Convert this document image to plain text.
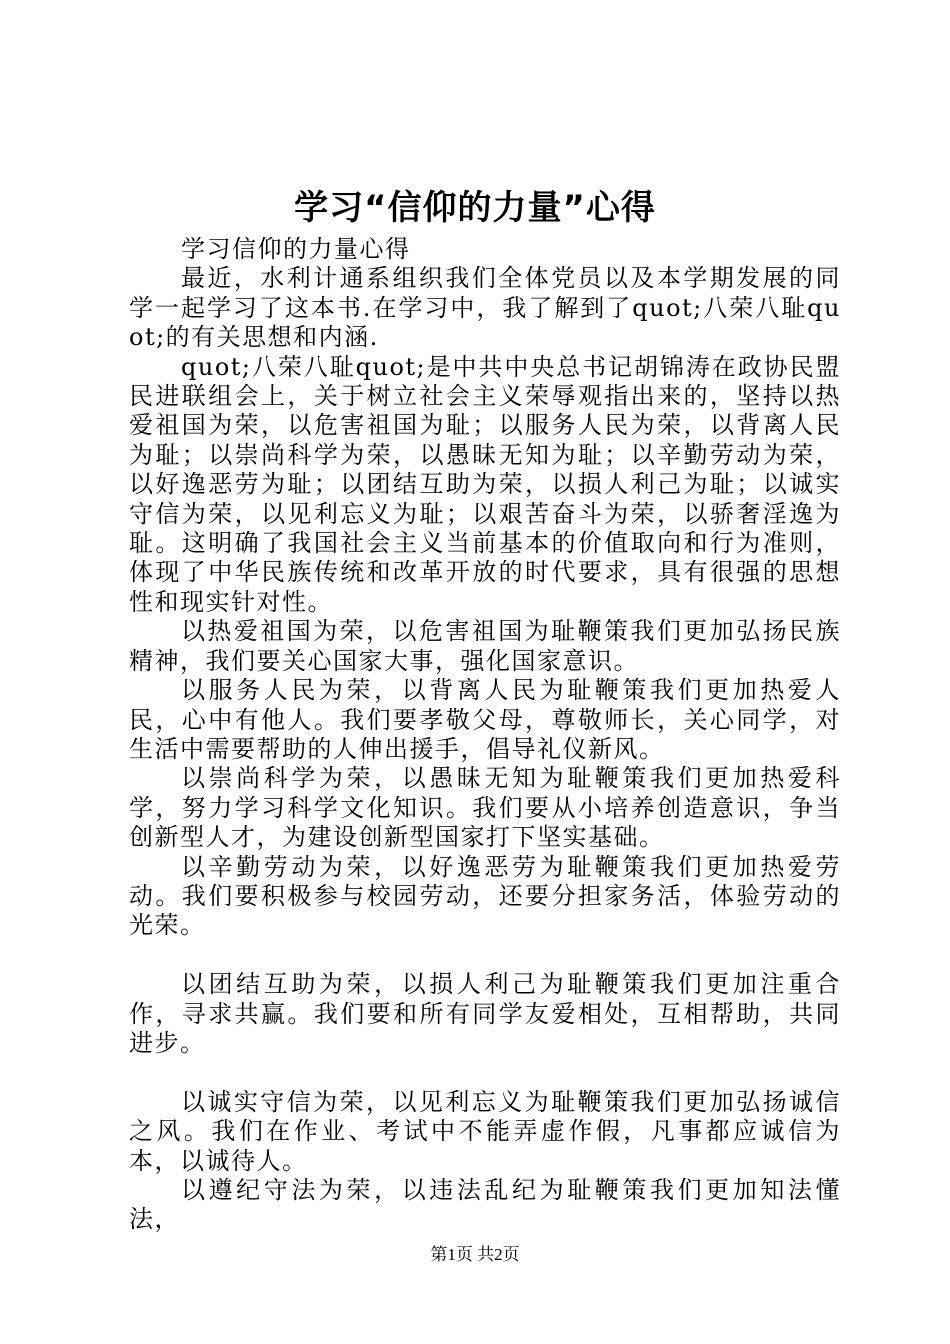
学习“信仰的力量”心得

学习信仰的力量心得

最近，水利计通系组织我们全体党员以及本学期发展的同学一起学习了这本书.在学习中，我了解到了quot;八荣八耻quot;的有关思想和内涵.

quot;八荣八耻quot;是中共中央总书记胡锦涛在政协民盟民进联组会上，关于树立社会主义荣辱观指出来的，坚持以热爱祖国为荣，以危害祖国为耻；以服务人民为荣，以背离人民为耻；以崇尚科学为荣，以愚昧无知为耻；以辛勤劳动为荣，以好逸恶劳为耻；以团结互助为荣，以损人利己为耻；以诚实守信为荣，以见利忘义为耻；以艰苦奋斗为荣，以骄奢淫逸为耻。这明确了我国社会主义当前基本的价值取向和行为准则，体现了中华民族传统和改革开放的时代要求，具有很强的思想性和现实针对性。

以热爱祖国为荣，以危害祖国为耻鞭策我们更加弘扬民族精神，我们要关心国家大事，强化国家意识。

以服务人民为荣，以背离人民为耻鞭策我们更加热爱人民，心中有他人。我们要孝敬父母，尊敬师长，关心同学，对生活中需要帮助的人伸出援手，倡导礼仪新风。

以崇尚科学为荣，以愚昧无知为耻鞭策我们更加热爱科学，努力学习科学文化知识。我们要从小培养创造意识，争当创新型人才，为建设创新型国家打下坚实基础。

以辛勤劳动为荣，以好逸恶劳为耻鞭策我们更加热爱劳动。我们要积极参与校园劳动，还要分担家务活，体验劳动的光荣。

以团结互助为荣，以损人利己为耻鞭策我们更加注重合作，寻求共赢。我们要和所有同学友爱相处，互相帮助，共同进步。

以诚实守信为荣，以见利忘义为耻鞭策我们更加弘扬诚信之风。我们在作业、考试中不能弄虚作假，凡事都应诚信为本，以诚待人。

以遵纪守法为荣，以违法乱纪为耻鞭策我们更加知法懂法，

第1页 共2页
